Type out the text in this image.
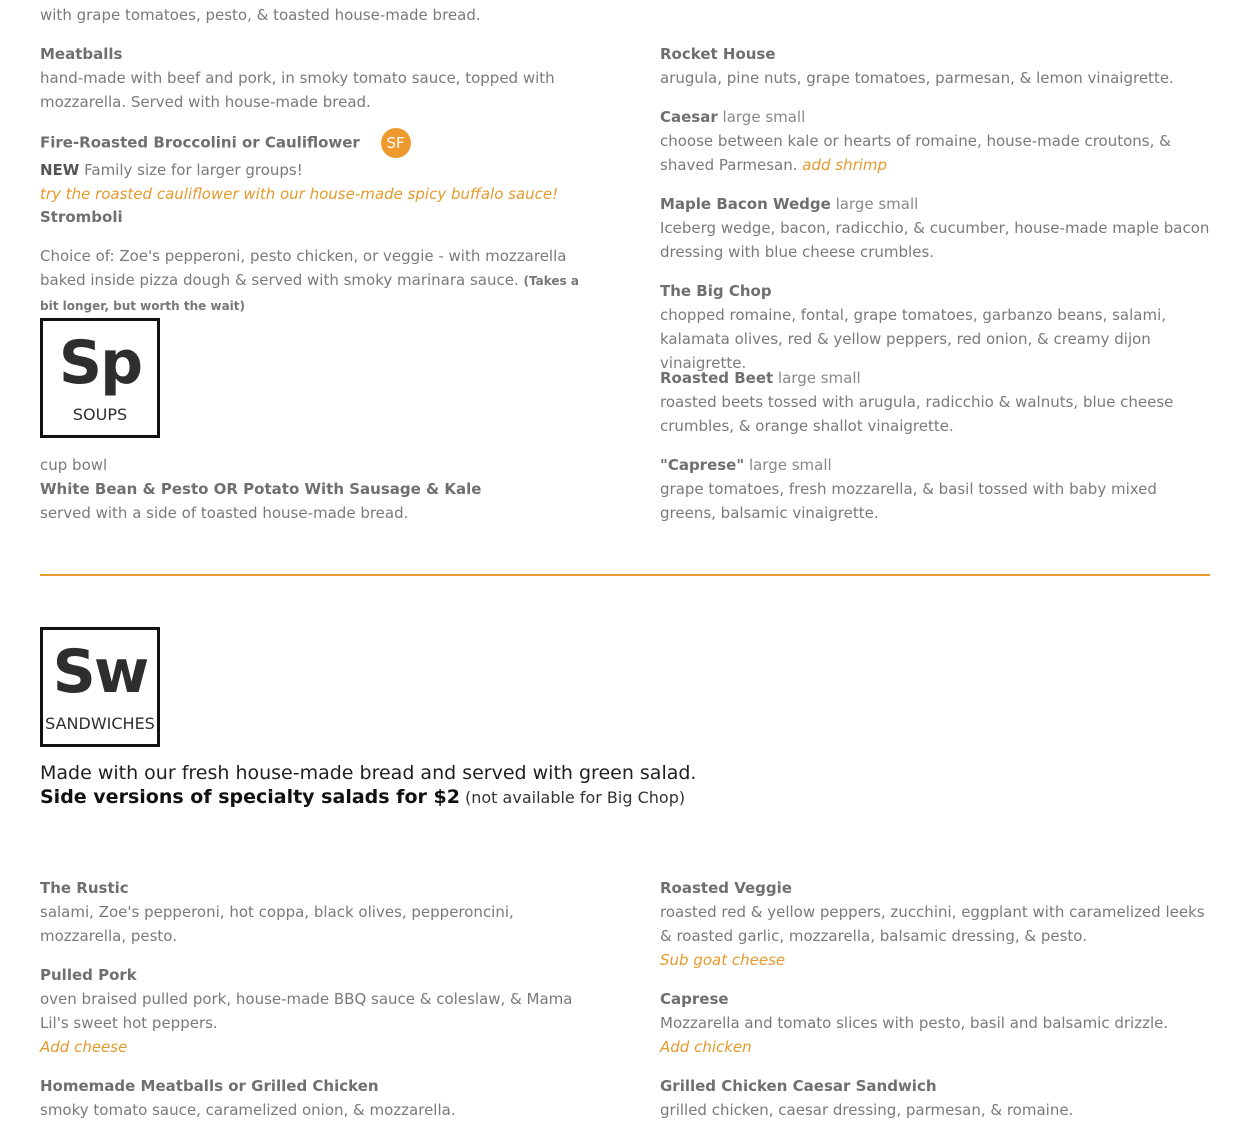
with grape tomatoes, pesto, & toasted house-made bread.
Meatballs
hand-made with beef and pork, in smoky tomato sauce, topped with mozzarella. Served with house-made bread.
Fire-Roasted Broccolini or Cauliflower SF
NEW Family size for larger groups!
try the roasted cauliflower with our house-made spicy buffalo sauce!
Stromboli
Choice of: Zoe's pepperoni, pesto chicken, or veggie - with mozzarella baked inside pizza dough & served with smoky marinara sauce. (Takes a bit longer, but worth the wait)
Sp
SOUPS
cup bowl
White Bean & Pesto OR Potato With Sausage & Kale
served with a side of toasted house-made bread.
Rocket House
arugula, pine nuts, grape tomatoes, parmesan, & lemon vinaigrette.
Caesar large small
choose between kale or hearts of romaine, house-made croutons, & shaved Parmesan. add shrimp
Maple Bacon Wedge large small
Iceberg wedge, bacon, radicchio, & cucumber, house-made maple bacon dressing with blue cheese crumbles.
The Big Chop
chopped romaine, fontal, grape tomatoes, garbanzo beans, salami, kalamata olives, red & yellow peppers, red onion, & creamy dijon vinaigrette.
Roasted Beet large small
roasted beets tossed with arugula, radicchio & walnuts, blue cheese crumbles, & orange shallot vinaigrette.
"Caprese" large small
grape tomatoes, fresh mozzarella, & basil tossed with baby mixed greens, balsamic vinaigrette.
Sw
SANDWICHES
Made with our fresh house-made bread and served with green salad.
Side versions of specialty salads for $2 (not available for Big Chop)
The Rustic
salami, Zoe's pepperoni, hot coppa, black olives, pepperoncini, mozzarella, pesto.
Pulled Pork
oven braised pulled pork, house-made BBQ sauce & coleslaw, & Mama Lil's sweet hot peppers.
Add cheese
Homemade Meatballs or Grilled Chicken
smoky tomato sauce, caramelized onion, & mozzarella.
Roasted Veggie
roasted red & yellow peppers, zucchini, eggplant with caramelized leeks & roasted garlic, mozzarella, balsamic dressing, & pesto.
Sub goat cheese
Caprese
Mozzarella and tomato slices with pesto, basil and balsamic drizzle.
Add chicken
Grilled Chicken Caesar Sandwich
grilled chicken, caesar dressing, parmesan, & romaine.
